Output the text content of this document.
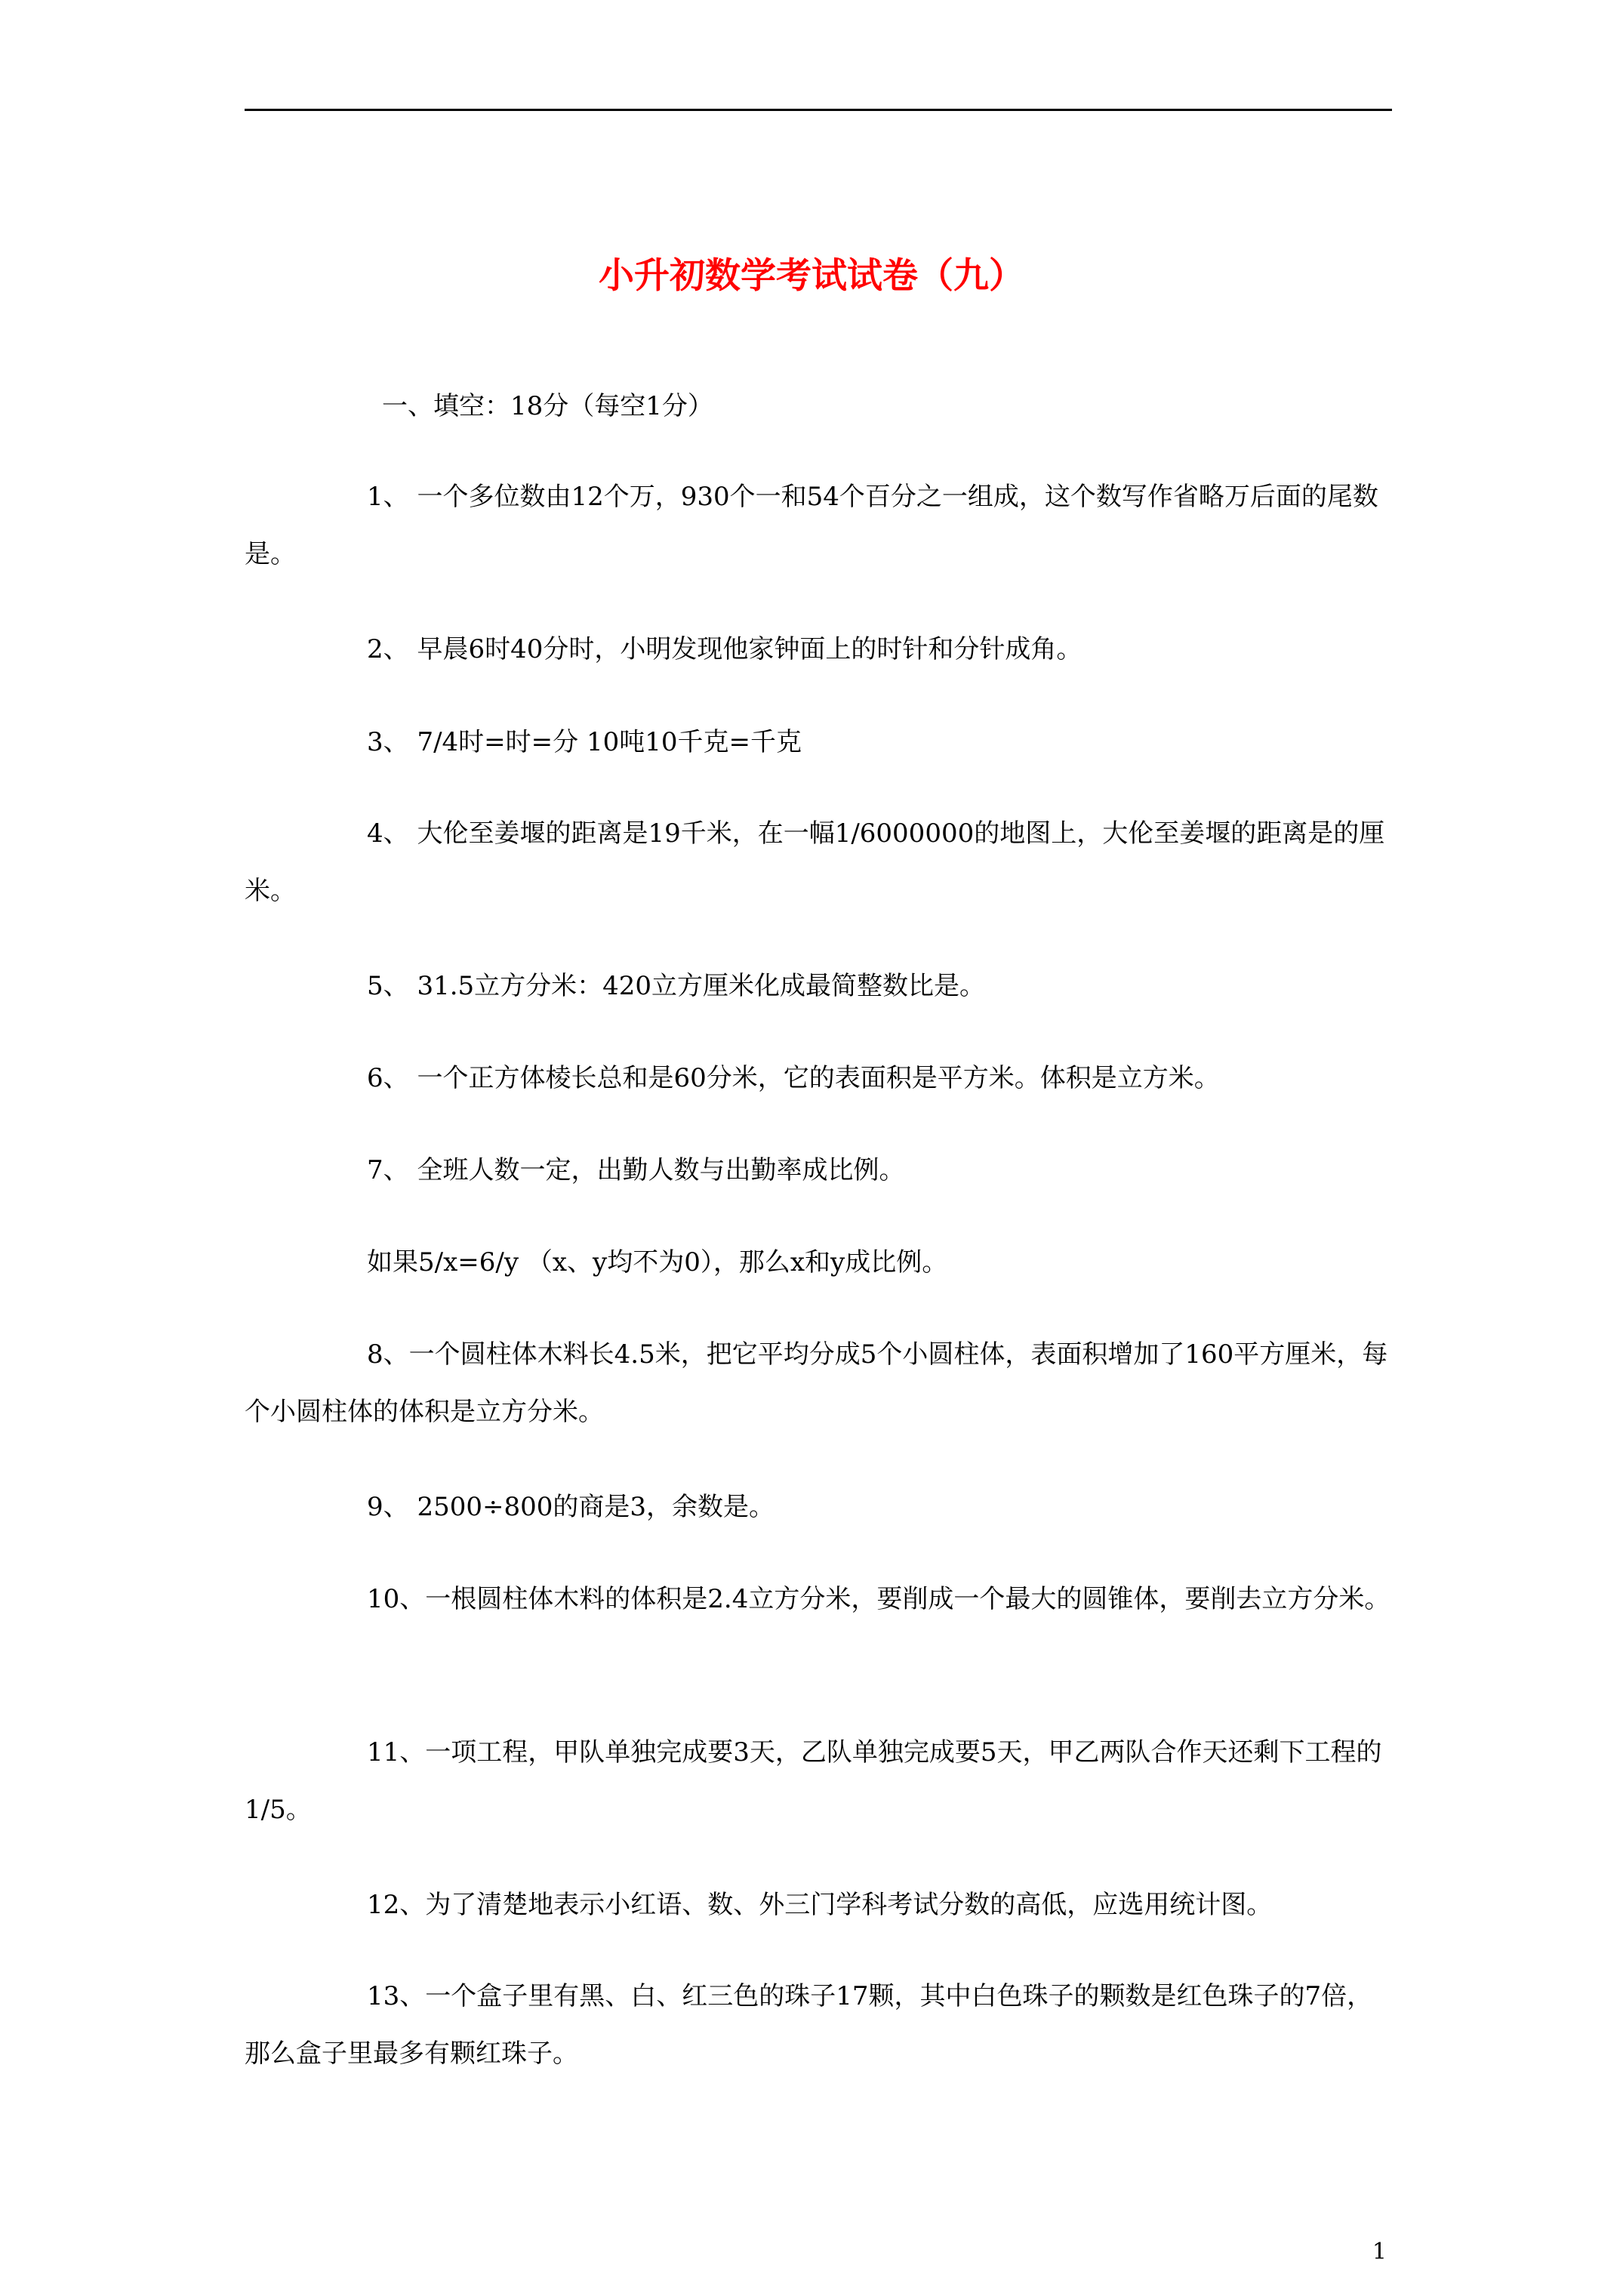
小升初数学考试试卷（九）

一、填空：18分（每空1分）

1、 一个多位数由12个万，930个一和54个百分之一组成，这个数写作省略万后面的尾数是。

2、 早晨6时40分时，小明发现他家钟面上的时针和分针成角。

3、 7/4时=时=分 10吨10千克=千克

4、 大伦至姜堰的距离是19千米，在一幅1/6000000的地图上，大伦至姜堰的距离是的厘米。

5、 31.5立方分米：420立方厘米化成最简整数比是。

6、 一个正方体棱长总和是60分米，它的表面积是平方米。体积是立方米。

7、 全班人数一定，出勤人数与出勤率成比例。

如果5/x=6/y （x、y均不为0），那么x和y成比例。

8、一个圆柱体木料长4.5米，把它平均分成5个小圆柱体，表面积增加了160平方厘米，每个小圆柱体的体积是立方分米。

9、 2500÷800的商是3，余数是。

10、一根圆柱体木料的体积是2.4立方分米，要削成一个最大的圆锥体，要削去立方分米。

11、一项工程，甲队单独完成要3天，乙队单独完成要5天，甲乙两队合作天还剩下工程的1/5。

12、为了清楚地表示小红语、数、外三门学科考试分数的高低，应选用统计图。

13、一个盒子里有黑、白、红三色的珠子17颗，其中白色珠子的颗数是红色珠子的7倍，那么盒子里最多有颗红珠子。

1
